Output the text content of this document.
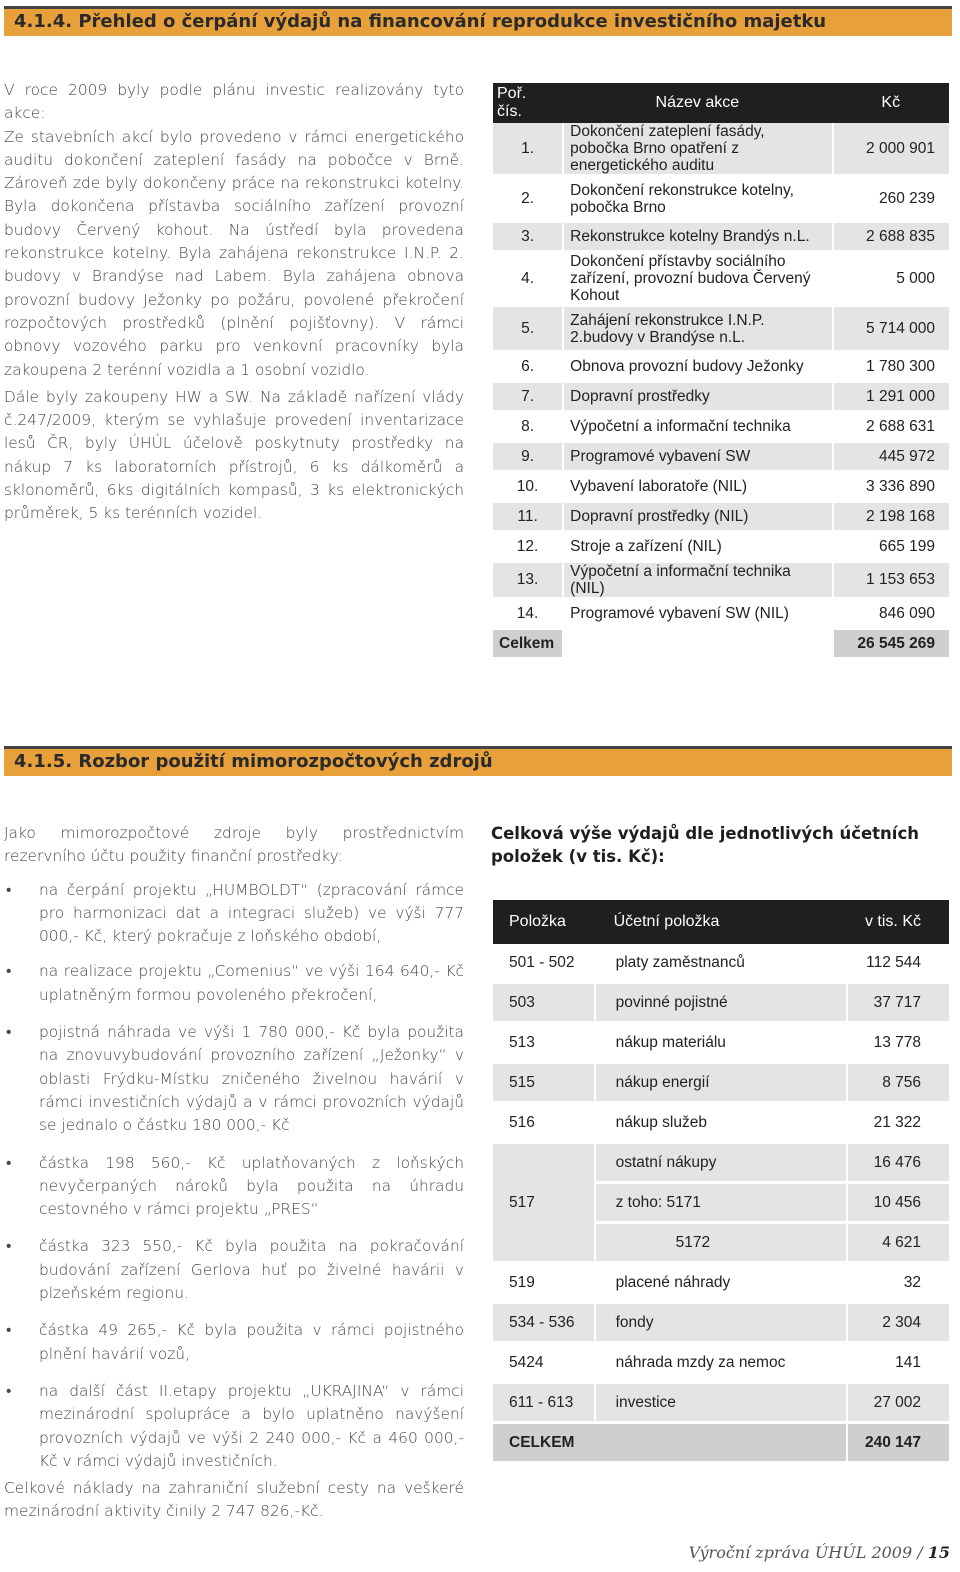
4.1.4. Přehled o čerpání výdajů na financování reprodukce investičního majetku

V roce 2009 byly podle plánu investic realizovány tyto akce:

Ze stavebních akcí bylo provedeno v rámci energetického auditu dokončení zateplení fasády na pobočce v Brně. Zároveň zde byly dokončeny práce na rekonstrukci kotelny. Byla dokončena přístavba sociálního zařízení provozní budovy Červený kohout. Na ústředí byla provedena rekonstrukce kotelny. Byla zahájena rekonstrukce I.N.P. 2. budovy v Brandýse nad Labem. Byla zahájena obnova provozní budovy Ježonky po požáru, povolené překročení rozpočtových prostředků (plnění pojišťovny). V rámci obnovy vozového parku pro venkovní pracovníky byla zakoupena 2 terénní vozidla a 1 osobní vozidlo.

Dále byly zakoupeny HW a SW. Na základě nařízení vlády č.247/2009, kterým se vyhlašuje provedení inventarizace lesů ČR, byly ÚHÚL účelově poskytnuty prostředky na nákup 7 ks laboratorních přístrojů, 6 ks dálkoměrů a sklonoměrů, 6ks digitálních kompasů, 3 ks elektronických průměrek, 5 ks terénních vozidel.

Poř. čís.	Název akce	Kč
1.	Dokončení zateplení fasády, pobočka Brno opatření z energetického auditu	2 000 901
2.	Dokončení rekonstrukce kotelny, pobočka Brno	260 239
3.	Rekonstrukce kotelny Brandýs n.L.	2 688 835
4.	Dokončení přístavby sociálního zařízení, provozní budova Červený Kohout	5 000
5.	Zahájení rekonstrukce I.N.P. 2.budovy v Brandýse n.L.	5 714 000
6.	Obnova provozní budovy Ježonky	1 780 300
7.	Dopravní prostředky	1 291 000
8.	Výpočetní a informační technika	2 688 631
9.	Programové vybavení SW	445 972
10.	Vybavení laboratoře (NIL)	3 336 890
11.	Dopravní prostředky (NIL)	2 198 168
12.	Stroje a zařízení (NIL)	665 199
13.	Výpočetní a informační technika (NIL)	1 153 653
14.	Programové vybavení SW (NIL)	846 090
Celkem		26 545 269
4.1.5. Rozbor použití mimorozpočtových zdrojů

Jako mimorozpočtové zdroje byly prostřednictvím rezervního účtu použity finanční prostředky:

• na čerpání projektu „HUMBOLDT“ (zpracování rámce pro harmonizaci dat a integraci služeb) ve výši 777 000,- Kč, který pokračuje z loňského období,
• na realizace projektu „Comenius“ ve výši 164 640,- Kč uplatněným formou povoleného překročení,
• pojistná náhrada ve výši 1 780 000,- Kč byla použita na znovuvybudování provozního zařízení „Ježonky“ v oblasti Frýdku-Místku zničeného živelnou havárií v rámci investičních výdajů a v rámci provozních výdajů se jednalo o částku 180 000,- Kč
• částka 198 560,- Kč uplatňovaných z loňských nevyčerpaných nároků byla použita na úhradu cestovného v rámci projektu „PRES“
• částka 323 550,- Kč byla použita na pokračování budování zařízení Gerlova huť po živelné havárii v plzeňském regionu.
• částka 49 265,- Kč byla použita v rámci pojistného plnění havárií vozů,
• na další část II.etapy projektu „UKRAJINA“ v rámci mezinárodní spolupráce a bylo uplatněno navýšení provozních výdajů ve výši 2 240 000,- Kč a 460 000,- Kč v rámci výdajů investičních.

Celkové náklady na zahraniční služební cesty na veškeré mezinárodní aktivity činily 2 747 826,-Kč.

Celková výše výdajů dle jednotlivých účetních položek (v tis. Kč):
Položka	Účetní položka	v tis. Kč
501 - 502	platy zaměstnanců	112 544
503	povinné pojistné	37 717
513	nákup materiálu	13 778
515	nákup energií	8 756
516	nákup služeb	21 322
517	ostatní nákupy	16 476
	z toho: 5171	10 456
	5172	4 621
519	placené náhrady	32
534 - 536	fondy	2 304
5424	náhrada mzdy za nemoc	141
611 - 613	investice	27 002
CELKEM		240 147
Výroční zpráva ÚHÚL 2009 / 15
